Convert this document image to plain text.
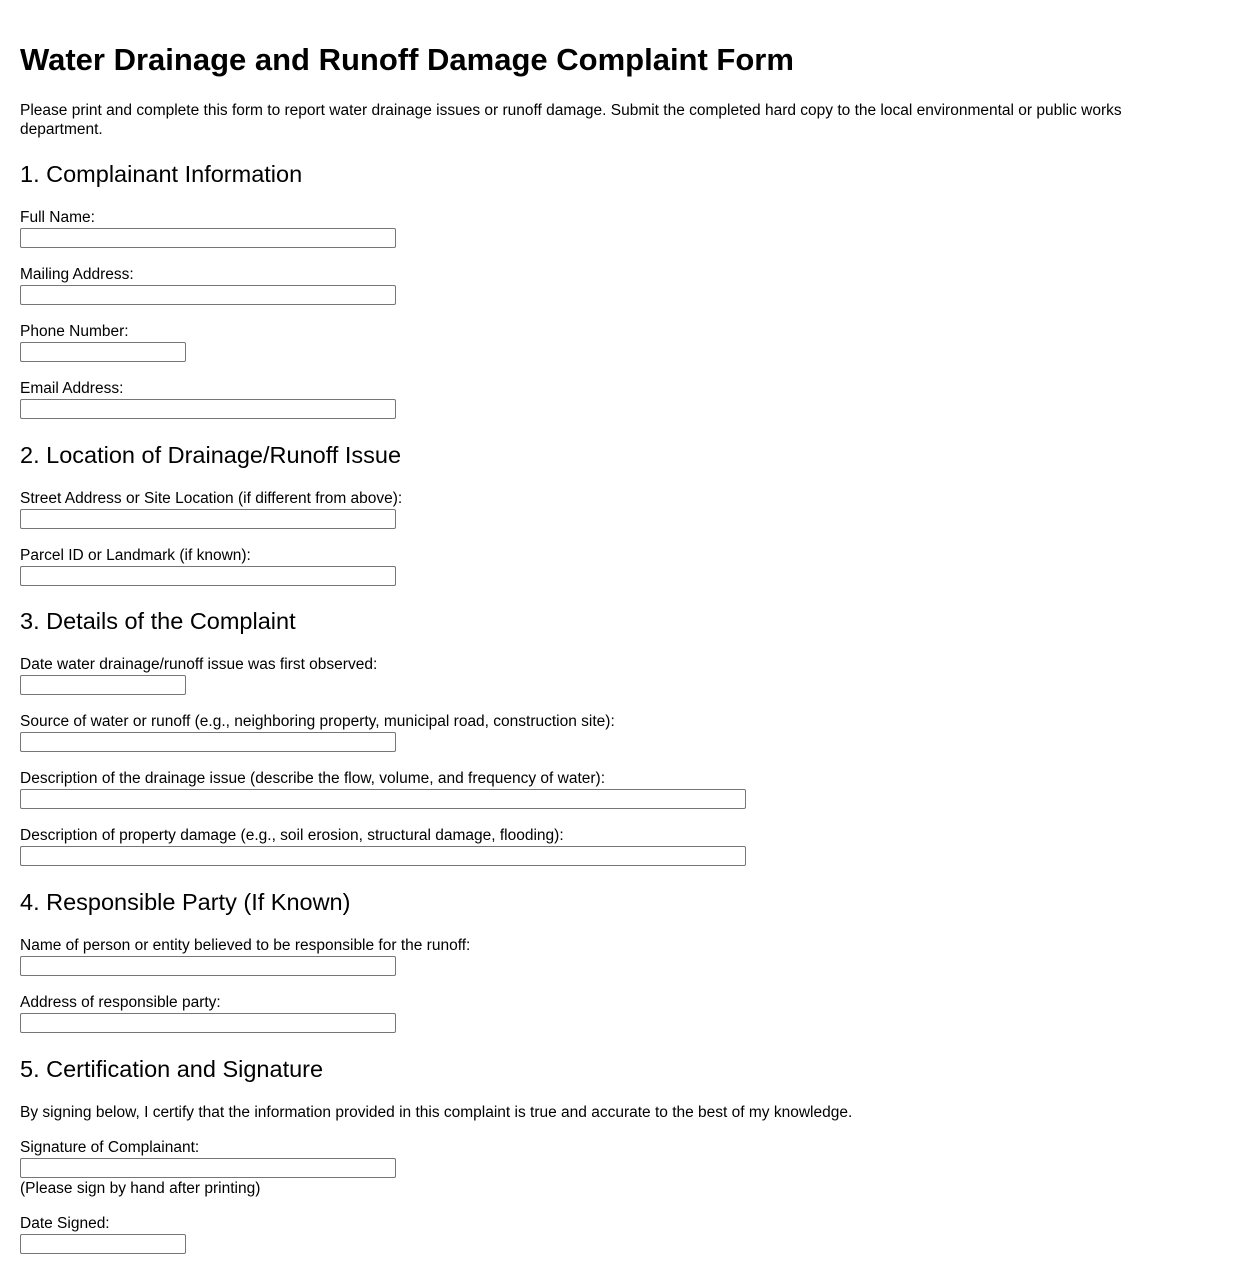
Water Drainage and Runoff Damage Complaint Form

Please print and complete this form to report water drainage issues or runoff damage. Submit the completed hard copy to the local environmental or public works department.

1. Complainant Information
Full Name:
Mailing Address:
Phone Number:
Email Address:
2. Location of Drainage/Runoff Issue
Street Address or Site Location (if different from above):
Parcel ID or Landmark (if known):
3. Details of the Complaint
Date water drainage/runoff issue was first observed:
Source of water or runoff (e.g., neighboring property, municipal road, construction site):
Description of the drainage issue (describe the flow, volume, and frequency of water):
Description of property damage (e.g., soil erosion, structural damage, flooding):
4. Responsible Party (If Known)
Name of person or entity believed to be responsible for the runoff:
Address of responsible party:
5. Certification and Signature
By signing below, I certify that the information provided in this complaint is true and accurate to the best of my knowledge.
Signature of Complainant:
(Please sign by hand after printing)
Date Signed:
